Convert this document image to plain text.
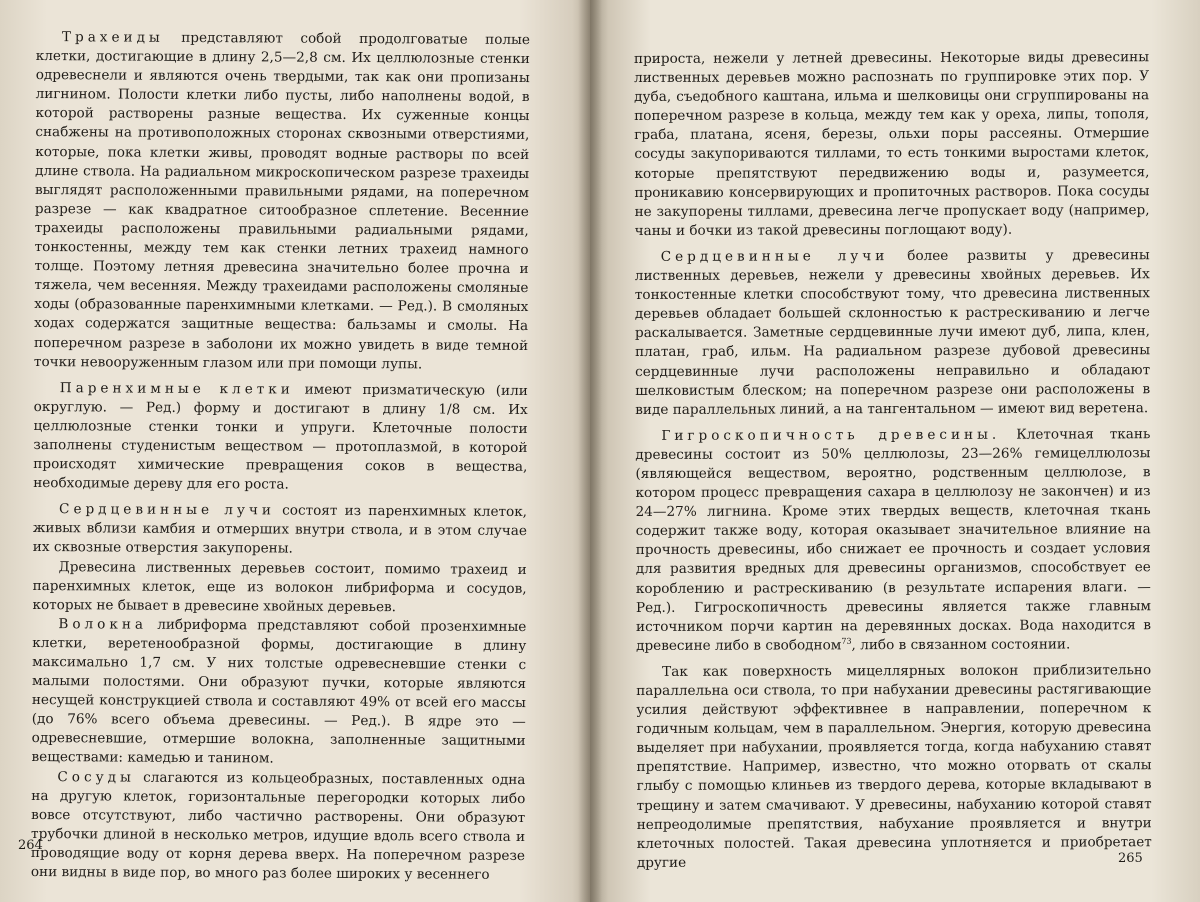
Трахеиды представляют собой продолговатые полые клетки, достигающие в длину 2,5—2,8 см. Их целлюлозные стенки одревеснели и являются очень твердыми, так как они пропизаны лигнином. Полости клетки либо пусты, либо наполнены водой, в которой растворены разные вещества. Их суженные концы снабжены на противоположных сторонах сквозными отверстиями, которые, пока клетки живы, проводят водные растворы по всей длине ствола. На радиальном микроскопическом разрезе трахеиды выглядят расположенными правильными рядами, на поперечном разрезе — как квадратное ситообразное сплетение. Весенние трахеиды расположены правильными радиальными рядами, тонкостенны, между тем как стенки летних трахеид намного толще. Поэтому летняя древесина значительно более прочна и тяжела, чем весенняя. Между трахеидами расположены смоляные ходы (образованные паренхимными клетками. — Ред.). В смоляных ходах содержатся защитные вещества: бальзамы и смолы. На поперечном разрезе в заболони их можно увидеть в виде темной точки невооруженным глазом или при помощи лупы.

Паренхимные клетки имеют призматическую (или округлую. — Ред.) форму и достигают в длину 1/8 см. Их целлюлозные стенки тонки и упруги. Клеточные полости заполнены студенистым веществом — протоплазмой, в которой происходят химические превращения соков в вещества, необходимые дереву для его роста.

Сердцевинные лучи состоят из паренхимных клеток, живых вблизи камбия и отмерших внутри ствола, и в этом случае их сквозные отверстия закупорены.

Древесина лиственных деревьев состоит, помимо трахеид и паренхимных клеток, еще из волокон либриформа и сосудов, которых не бывает в древесине хвойных деревьев.

Волокна либриформа представляют собой прозенхимные клетки, веретенообразной формы, достигающие в длину максимально 1,7 см. У них толстые одревесневшие стенки с малыми полостями. Они образуют пучки, которые являются несущей конструкцией ствола и составляют 49% от всей его массы (до 76% всего объема древесины. — Ред.). В ядре это — одревесневшие, отмершие волокна, заполненные защитными веществами: камедью и танином.

Сосуды слагаются из кольцеобразных, поставленных одна на другую клеток, горизонтальные перегородки которых либо вовсе отсутствуют, либо частично растворены. Они образуют трубочки длиной в несколько метров, идущие вдоль всего ствола и проводящие воду от корня дерева вверх. На поперечном разрезе они видны в виде пор, во много раз более широких у весеннего

264

прироста, нежели у летней древесины. Некоторые виды древесины лиственных деревьев можно распознать по группировке этих пор. У дуба, съедобного каштана, ильма и шелковицы они сгруппированы на поперечном разрезе в кольца, между тем как у ореха, липы, тополя, граба, платана, ясеня, березы, ольхи поры рассеяны. Отмершие сосуды закупориваются тиллами, то есть тонкими выростами клеток, которые препятствуют передвижению воды и, разумеется, проникавию консервирующих и пропиточных растворов. Пока сосуды не закупорены тиллами, древесина легче пропускает воду (например, чаны и бочки из такой древесины поглощают воду).

Сердцевинные лучи более развиты у древесины лиственных деревьев, нежели у древесины хвойных деревьев. Их тонкостенные клетки способствуют тому, что древесина лиственных деревьев обладает большей склонностью к растрескиванию и легче раскалывается. Заметные сердцевинные лучи имеют дуб, липа, клен, платан, граб, ильм. На радиальном разрезе дубовой древесины сердцевинные лучи расположены неправильно и обладают шелковистым блеском; на поперечном разрезе они расположены в виде параллельных линий, а на тангентальном — имеют вид веретена.

Гигроскопичность древесины. Клеточная ткань древесины состоит из 50% целлюлозы, 23—26% гемицеллюлозы (являющейся веществом, вероятно, родственным целлюлозе, в котором процесс превращения сахара в целлюлозу не закончен) и из 24—27% лигнина. Кроме этих твердых веществ, клеточная ткань содержит также воду, которая оказывает значительное влияние на прочность древесины, ибо снижает ее прочность и создает условия для развития вредных для древесины организмов, способствует ее короблению и растрескиванию (в результате испарения влаги. — Ред.). Гигроскопичность древесины является также главным источником порчи картин на деревянных досках. Вода находится в древесине либо в свободном$^{73}$, либо в связанном состоянии.

Так как поверхность мицеллярных волокон приблизительно параллельна оси ствола, то при набухании древесины растягивающие усилия действуют эффективнее в направлении, поперечном к годичным кольцам, чем в параллельном. Энергия, которую древесина выделяет при набухании, проявляется тогда, когда набуханию ставят препятствие. Например, известно, что можно оторвать от скалы глыбу с помощью клиньев из твердого дерева, которые вкладывают в трещину и затем смачивают. У древесины, набуханию которой ставят непреодолимые препятствия, набухание проявляется и внутри клеточных полостей. Такая древесина уплотняется и приобретает другие	265
